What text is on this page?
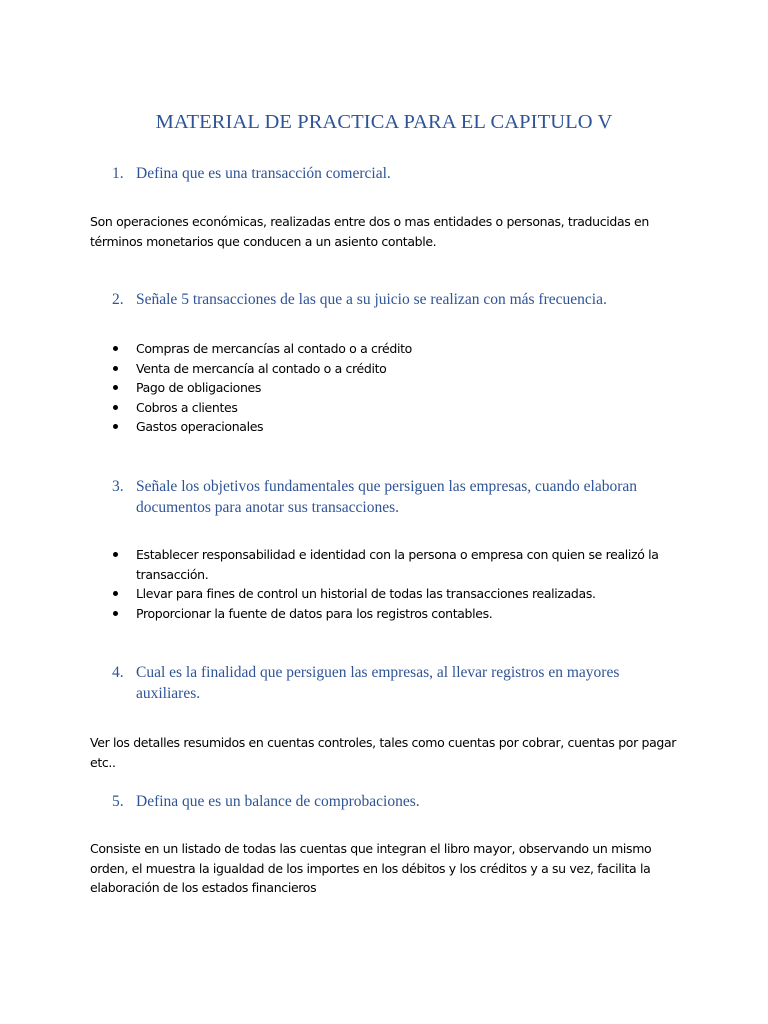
MATERIAL DE PRACTICA PARA EL CAPITULO V
1. Defina que es una transacción comercial.

Son operaciones económicas, realizadas entre dos o mas entidades o personas, traducidas en términos monetarios que conducen a un asiento contable.

2. Señale 5 transacciones de las que a su juicio se realizan con más frecuencia.
Compras de mercancías al contado o a crédito
Venta de mercancía al contado o a crédito
Pago de obligaciones
Cobros a clientes
Gastos operacionales
3. Señale los objetivos fundamentales que persiguen las empresas, cuando elaboran documentos para anotar sus transacciones.
Establecer responsabilidad e identidad con la persona o empresa con quien se realizó la transacción.
Llevar para fines de control un historial de todas las transacciones realizadas.
Proporcionar la fuente de datos para los registros contables.
4. Cual es la finalidad que persiguen las empresas, al llevar registros en mayores auxiliares.

Ver los detalles resumidos en cuentas controles, tales como cuentas por cobrar, cuentas por pagar etc..

5. Defina que es un balance de comprobaciones.

Consiste en un listado de todas las cuentas que integran el libro mayor, observando un mismo orden, el muestra la igualdad de los importes en los débitos y los créditos y a su vez, facilita la elaboración de los estados financieros
